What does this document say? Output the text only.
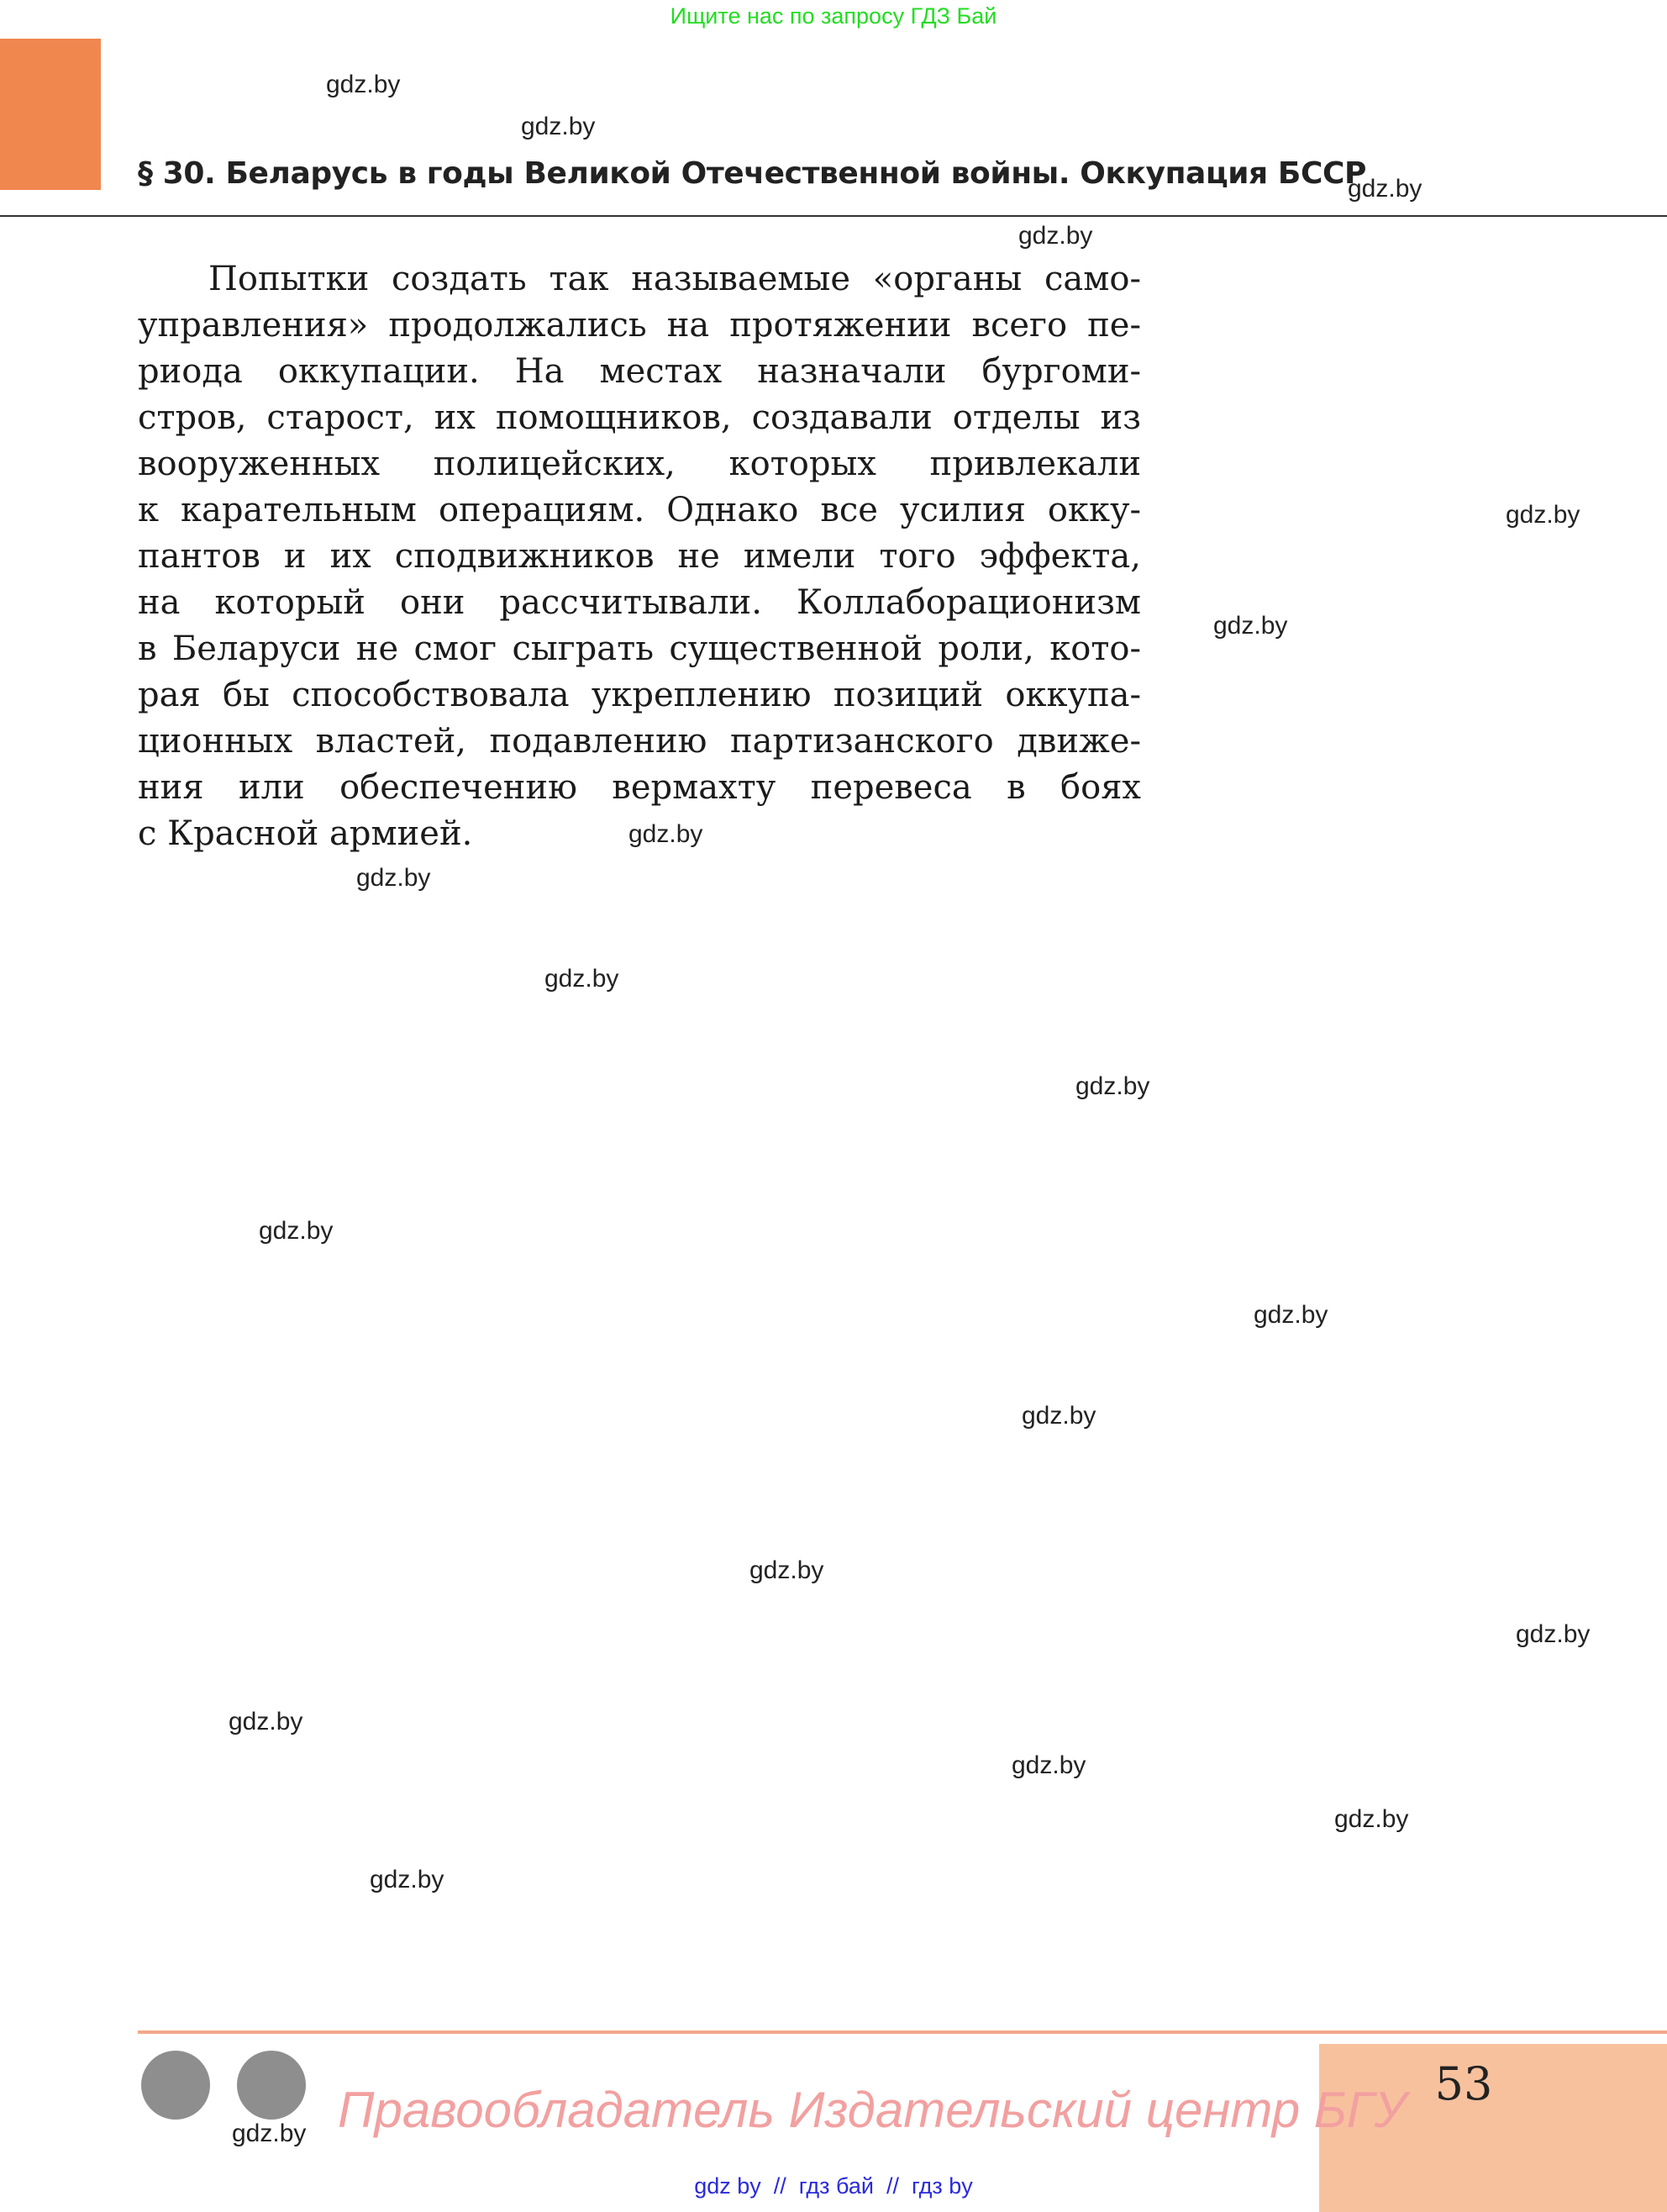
Ищите нас по запросу ГДЗ Бай
§ 30. Беларусь в годы Великой Отечественной войны. Оккупация БССР
Попытки создать так называемые «органы само-
управления» продолжались на протяжении всего пе-
риода оккупации. На местах назначали бургоми-
стров, старост, их помощников, создавали отделы из
вооруженных полицейских, которых привлекали
к карательным операциям. Однако все усилия окку-
пантов и их сподвижников не имели того эффекта,
на который они рассчитывали. Коллаборационизм
в Беларуси не смог сыграть существенной роли, кото-
рая бы способствовала укреплению позиций оккупа-
ционных властей, подавлению партизанского движе-
ния или обеспечению вермахту перевеса в боях
с Красной армией.
gdz.by
gdz.by
gdz.by
gdz.by
gdz.by
gdz.by
gdz.by
gdz.by
gdz.by
gdz.by
gdz.by
gdz.by
gdz.by
gdz.by
gdz.by
gdz.by
gdz.by
gdz.by
gdz.by
gdz.by
53
Правообладатель Издательский центр БГУ
gdz by  //  гдз бай  //  гдз by
